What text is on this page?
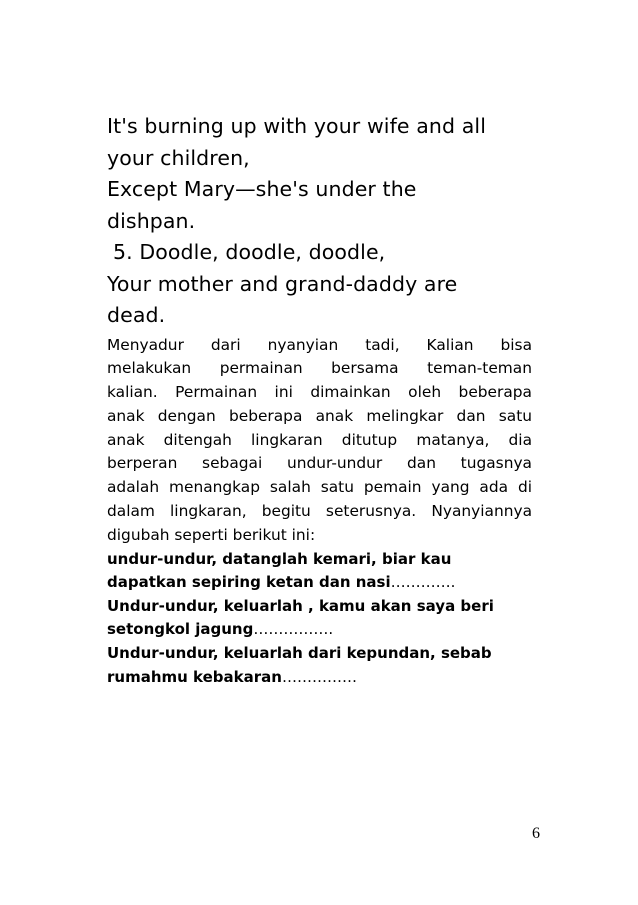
It's burning up with your wife and all

your children,

Except Mary—she's under the

dishpan.

5. Doodle, doodle, doodle,

Your mother and grand-daddy are

dead.

Menyadur dari nyanyian tadi, Kalian bisa
melakukan permainan bersama teman-teman
kalian. Permainan ini dimainkan oleh beberapa
anak dengan beberapa anak melingkar dan satu
anak ditengah lingkaran ditutup matanya, dia
berperan sebagai undur-undur dan tugasnya
adalah menangkap salah satu pemain yang ada di
dalam lingkaran, begitu seterusnya. Nyanyiannya
digubah seperti berikut ini:
undur-undur, datanglah kemari, biar kau
dapatkan sepiring ketan dan nasi………….
Undur-undur, keluarlah , kamu akan saya beri
setongkol jagung…………….
Undur-undur, keluarlah dari kepundan, sebab
rumahmu kebakaran……………
6
